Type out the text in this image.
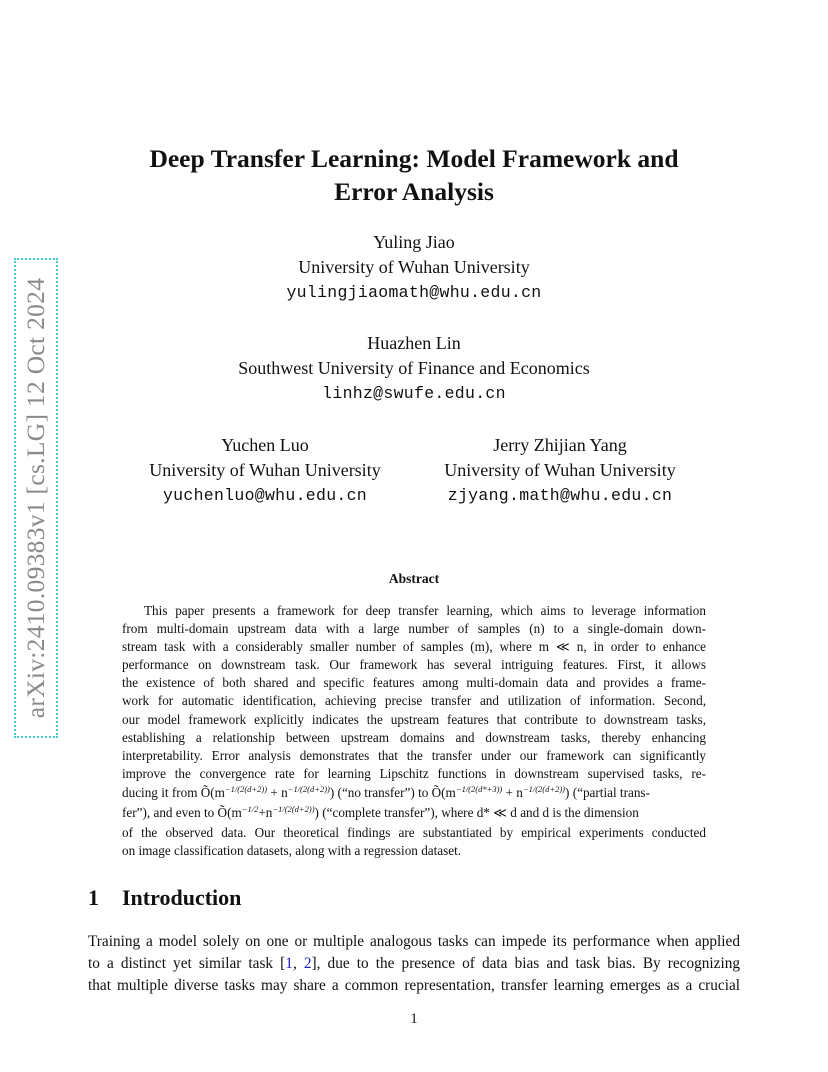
arXiv:2410.09383v1 [cs.LG] 12 Oct 2024
Deep Transfer Learning: Model Framework and
Error Analysis
Yuling Jiao
University of Wuhan University
yulingjiaomath@whu.edu.cn
Huazhen Lin
Southwest University of Finance and Economics
linhz@swufe.edu.cn
Yuchen Luo
University of Wuhan University
yuchenluo@whu.edu.cn
Jerry Zhijian Yang
University of Wuhan University
zjyang.math@whu.edu.cn
Abstract
This paper presents a framework for deep transfer learning, which aims to leverage information
from multi-domain upstream data with a large number of samples (n) to a single-domain down-
stream task with a considerably smaller number of samples (m), where m ≪ n, in order to enhance
performance on downstream task. Our framework has several intriguing features. First, it allows
the existence of both shared and specific features among multi-domain data and provides a frame-
work for automatic identification, achieving precise transfer and utilization of information. Second,
our model framework explicitly indicates the upstream features that contribute to downstream tasks,
establishing a relationship between upstream domains and downstream tasks, thereby enhancing
interpretability. Error analysis demonstrates that the transfer under our framework can significantly
improve the convergence rate for learning Lipschitz functions in downstream supervised tasks, re-
ducing it from $Õ(m^{-1/(2(d+2))} + n^{-1/(2(d+2))})$ (“no transfer”) to $Õ(m^{-1/(2(d*+3))} + n^{-1/(2(d+2))})$ (“partial trans-
fer”), and even to $Õ(m^{-1/2}+n^{-1/(2(d+2))})$ (“complete transfer”), where d* ≪ d and d is the dimension
of the observed data. Our theoretical findings are substantiated by empirical experiments conducted
on image classification datasets, along with a regression dataset.
1 Introduction
Training a model solely on one or multiple analogous tasks can impede its performance when applied
to a distinct yet similar task [1, 2], due to the presence of data bias and task bias. By recognizing
that multiple diverse tasks may share a common representation, transfer learning emerges as a crucial
1
